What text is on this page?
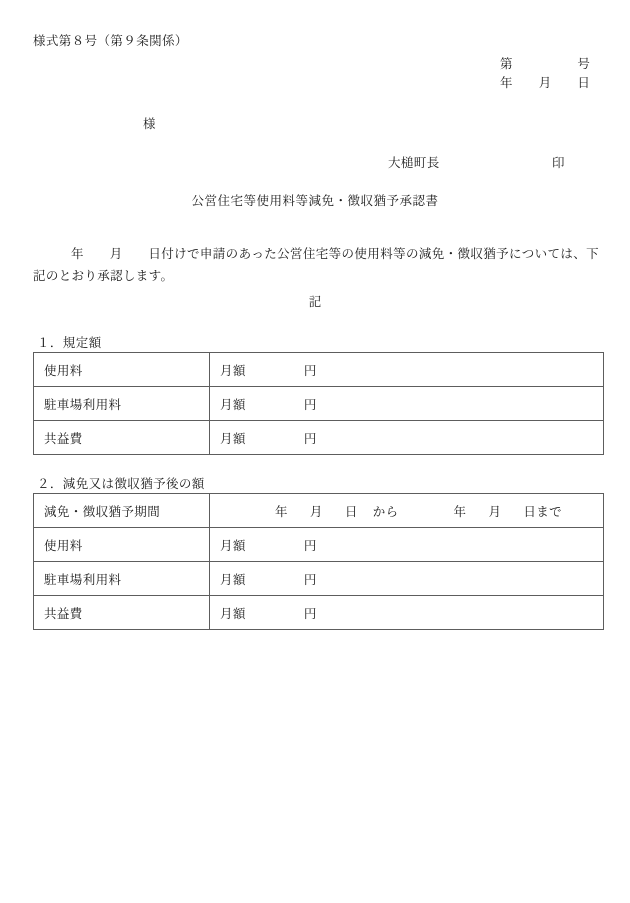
様式第８号（第９条関係）
第　　　　　号
年　　月　　日
様
大槌町長	印
公営住宅等使用料等減免・徴収猶予承認書

年　　月　　日付けで申請のあった公営住宅等の使用料等の減免・徴収猶予については、下記のとおり承認します。

記
１．規定額
使用料	月額 円
駐車場利用料	月額 円
共益費	月額 円
２．減免又は徴収猶予後の額
減免・徴収猶予期間	年 月 日 から 年 月 日まで
使用料	月額 円
駐車場利用料	月額 円
共益費	月額 円
